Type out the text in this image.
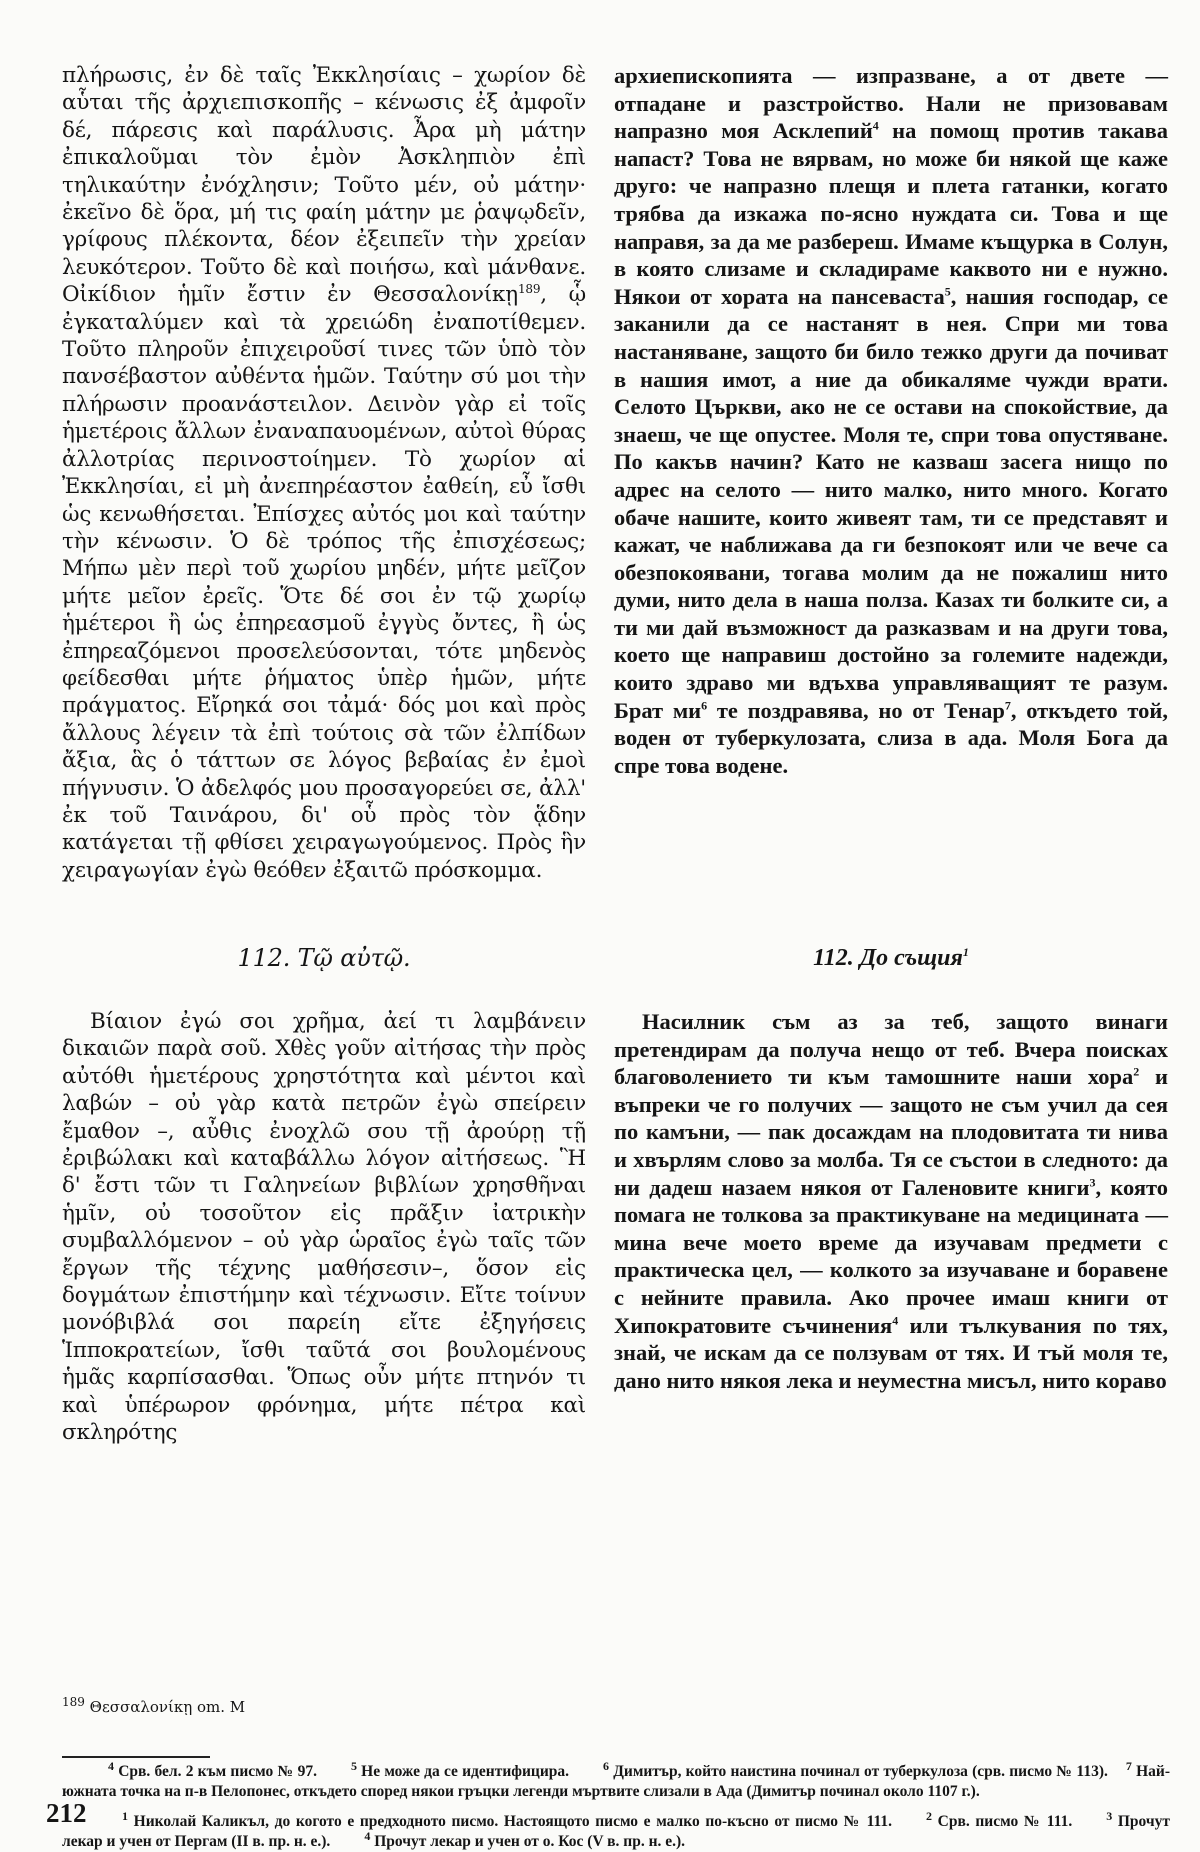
πλήρωσις, ἐν δὲ ταῖς Ἐκκλησίαις – χωρίον δὲ αὗται τῆς ἀρχιεπισκοπῆς – κένωσις ἐξ ἀμφοῖν δέ, πάρεσις καὶ παράλυσις. Ἆρα μὴ μάτην ἐπικαλοῦμαι τὸν ἐμὸν Ἀσκληπιὸν ἐπὶ τηλικαύτην ἐνόχλησιν; Τοῦτο μέν, οὐ μάτην· ἐκεῖνο δὲ ὅρα, μή τις φαίη μάτην με ῥαψῳδεῖν, γρίφους πλέκοντα, δέον ἐξειπεῖν τὴν χρείαν λευκότερον. Τοῦτο δὲ καὶ ποιήσω, καὶ μάνθανε. Οἰκίδιον ἡμῖν ἔστιν ἐν Θεσσαλονίκῃ$^{189}$, ᾧ ἐγκαταλύμεν καὶ τὰ χρειώδη ἐναποτίθεμεν. Τοῦτο πληροῦν ἐπιχειροῦσί τινες τῶν ὑπὸ τὸν πανσέβαστον αὐθέντα ἡμῶν. Ταύτην σύ μοι τὴν πλήρωσιν προανάστειλον. Δεινὸν γὰρ εἰ τοῖς ἡμετέροις ἄλλων ἐναναπαυομένων, αὐτοὶ θύρας ἀλλοτρίας περινοστοίημεν. Τὸ χωρίον αἱ Ἐκκλησίαι, εἰ μὴ ἀνεπηρέαστον ἐαθείη, εὖ ἴσθι ὡς κενωθήσεται. Ἐπίσχες αὐτός μοι καὶ ταύτην τὴν κένωσιν. Ὁ δὲ τρόπος τῆς ἐπισχέσεως; Μήπω μὲν περὶ τοῦ χωρίου μηδέν, μήτε μεῖζον μήτε μεῖον ἐρεῖς. Ὅτε δέ σοι ἐν τῷ χωρίῳ ἡμέτεροι ἢ ὡς ἐπηρεασμοῦ ἐγγὺς ὄντες, ἢ ὡς ἐπηρεαζόμενοι προσελεύσονται, τότε μηδενὸς φείδεσθαι μήτε ῥήματος ὑπὲρ ἡμῶν, μήτε πράγματος. Εἴρηκά σοι τἀμά· δός μοι καὶ πρὸς ἄλλους λέγειν τὰ ἐπὶ τούτοις σὰ τῶν ἐλπίδων ἄξια, ἃς ὁ τάττων σε λόγος βεβαίας ἐν ἐμοὶ πήγνυσιν. Ὁ ἀδελφός μου προσαγορεύει σε, ἀλλ' ἐκ τοῦ Ταινάρου, δι' οὗ πρὸς τὸν ᾅδην κατάγεται τῇ φθίσει χειραγωγούμενος. Πρὸς ἣν χειραγωγίαν ἐγὼ θεόθεν ἐξαιτῶ πρόσκομμα.

архиепископията — изпразване, а от двете — отпадане и разстройство. Нали не призовавам напразно моя Асклепий$^4$ на помощ против такава напаст? Това не вярвам, но може би някой ще каже друго: че напразно плещя и плета гатанки, когато трябва да изкажа по-ясно нуждата си. Това и ще направя, за да ме разбереш. Имаме къщурка в Солун, в която слизаме и складираме каквото ни е нужно. Някои от хората на пансеваста$^5$, нашия господар, се заканили да се настанят в нея. Спри ми това настаняване, защото би било тежко други да почиват в нашия имот, а ние да обикаляме чужди врати. Селото Църкви, ако не се остави на спокойствие, да знаеш, че ще опустее. Моля те, спри това опустяване. По какъв начин? Като не казваш засега нищо по адрес на селото — нито малко, нито много. Когато обаче нашите, които живеят там, ти се представят и кажат, че наближава да ги безпокоят или че вече са обезпокоявани, тогава молим да не пожалиш нито думи, нито дела в наша полза. Казах ти болките си, а ти ми дай възможност да разказвам и на други това, което ще направиш достойно за големите надежди, които здраво ми вдъхва управляващият те разум. Брат $ми^6$ те поздравява, но от Тенар$^7$, откъдето той, воден от туберкулозата, слиза в ада. Моля Бога да спре това водене.

112. Τῷ αὐτῷ.	112. До същия$^1$

Βίαιον ἐγώ σοι χρῆμα, ἀεί τι λαμβάνειν δικαιῶν παρὰ σοῦ. Χθὲς γοῦν αἰτήσας τὴν πρὸς αὐτόθι ἡμετέρους χρηστότητα καὶ μέντοι καὶ λαβών – οὐ γὰρ κατὰ πετρῶν ἐγὼ σπείρειν ἔμαθον –, αὖθις ἐνοχλῶ σου τῇ ἀρούρῃ τῇ ἐριβώλακι καὶ καταβάλλω λόγον αἰτήσεως. Ἣ δ' ἔστι τῶν τι Γαληνείων βιβλίων χρησθῆναι ἡμῖν, οὐ τοσοῦτον εἰς πρᾶξιν ἰατρικὴν συμβαλλόμενον – οὐ γὰρ ὡραῖος ἐγὼ ταῖς τῶν ἔργων τῆς τέχνης μαθήσεσιν–, ὅσον εἰς δογμάτων ἐπιστήμην καὶ τέχνωσιν. Εἴτε τοίνυν μονόβιβλά σοι παρείη εἴτε ἐξηγήσεις Ἱπποκρατείων, ἴσθι ταῦτά σοι βουλομένους ἡμᾶς καρπίσασθαι. Ὅπως οὖν μήτε πτηνόν τι καὶ ὑπέρωρον φρόνημα, μήτε πέτρα καὶ σκληρότης

Насилник съм аз за теб, защото винаги претендирам да получа нещо от теб. Вчера поисках благоволението ти към тамошните наши хора$^2$ и въпреки че го получих — защото не съм учил да сея по камъни, — пак досаждам на плодовитата ти нива и хвърлям слово за молба. Тя се състои в следното: да ни дадеш назаем някоя от Галеновите книги$^3$, която помага не толкова за практикуване на медицината — мина вече моето време да изучавам предмети с практическа цел, — колкото за изучаване и боравене с нейните правила. Ако прочее имаш книги от Хипократовите съчинения$^4$ или тълкувания по тях, знай, че искам да се ползувам от тях. И тъй моля те, дано нито някоя лека и неуместна мисъл, нито кораво

$^{189}$ Θεσσαλονίκῃ om. M

$^4$ Срв. бел. 2 към писмо № 97.	$^5$ Не може да се идентифицира.	$^6$ Димитър, който наистина починал от туберкулоза (срв. писмо № 113). $^7$ Най-южната точка на п-в Пелопонес, откъдето според някои гръцки легенди мъртвите слизали в Ада (Димитър починал около 1107 г.).

$^1$ Николай Каликъл, до когото е предходното писмо. Настоящото писмо е малко по-късно от писмо № 111.	$^2$ Срв. писмо № 111.	$^3$ Прочут лекар и учен от Пергам (II в. пр. н. е.).	$^4$ Прочут лекар и учен от о. Кос (V в. пр. н. е.).

212
